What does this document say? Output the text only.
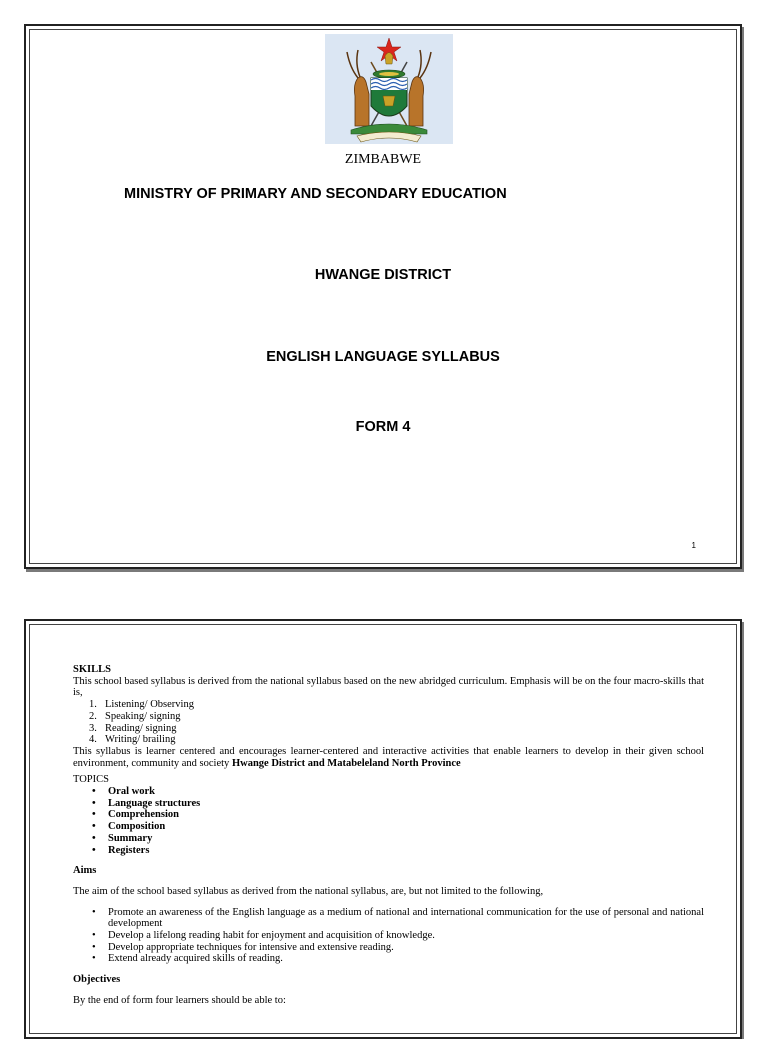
ZIMBABWE
MINISTRY OF PRIMARY AND SECONDARY EDUCATION
HWANGE DISTRICT
ENGLISH LANGUAGE SYLLABUS
FORM 4
1
SKILLS

This school based syllabus is derived from the national syllabus based on the new abridged curriculum. Emphasis will be on the four macro-skills that is,

1. Listening/ Observing
2. Speaking/ signing
3. Reading/ signing
4. Writing/ brailing

This syllabus is learner centered and encourages learner-centered and interactive activities that enable learners to develop in their given school environment, community and society Hwange District and Matabeleland North Province

TOPICS
• Oral work
• Language structures
• Comprehension
• Composition
• Summary
• Registers
Aims

The aim of the school based syllabus as derived from the national syllabus, are, but not limited to the following,

• Promote an awareness of the English language as a medium of national and international communication for the use of personal and national development
• Develop a lifelong reading habit for enjoyment and acquisition of knowledge.
• Develop appropriate techniques for intensive and extensive reading.
• Extend already acquired skills of reading.
Objectives

By the end of form four learners should be able to:
